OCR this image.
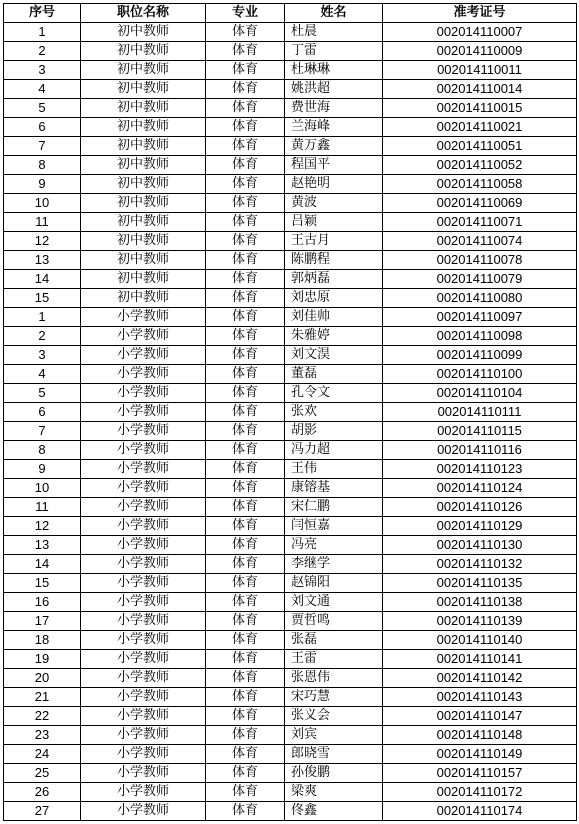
序号	职位名称	专业	姓名	准考证号
1	初中教师	体育	杜晨	002014110007
2	初中教师	体育	丁雷	002014110009
3	初中教师	体育	杜琳琳	002014110011
4	初中教师	体育	姚洪超	002014110014
5	初中教师	体育	费世海	002014110015
6	初中教师	体育	兰海峰	002014110021
7	初中教师	体育	黄万鑫	002014110051
8	初中教师	体育	程国平	002014110052
9	初中教师	体育	赵艳明	002014110058
10	初中教师	体育	黄波	002014110069
11	初中教师	体育	吕颖	002014110071
12	初中教师	体育	王古月	002014110074
13	初中教师	体育	陈鹏程	002014110078
14	初中教师	体育	郭炳磊	002014110079
15	初中教师	体育	刘忠原	002014110080
1	小学教师	体育	刘佳帅	002014110097
2	小学教师	体育	朱雅婷	002014110098
3	小学教师	体育	刘文淏	002014110099
4	小学教师	体育	董磊	002014110100
5	小学教师	体育	孔令文	002014110104
6	小学教师	体育	张欢	002014110111
7	小学教师	体育	胡影	002014110115
8	小学教师	体育	冯力超	002014110116
9	小学教师	体育	王伟	002014110123
10	小学教师	体育	康镕基	002014110124
11	小学教师	体育	宋仁鹏	002014110126
12	小学教师	体育	闫恒嘉	002014110129
13	小学教师	体育	冯亮	002014110130
14	小学教师	体育	李继学	002014110132
15	小学教师	体育	赵锦阳	002014110135
16	小学教师	体育	刘文通	002014110138
17	小学教师	体育	贾哲鸣	002014110139
18	小学教师	体育	张磊	002014110140
19	小学教师	体育	王雷	002014110141
20	小学教师	体育	张恩伟	002014110142
21	小学教师	体育	宋巧慧	002014110143
22	小学教师	体育	张义会	002014110147
23	小学教师	体育	刘宾	002014110148
24	小学教师	体育	郎晓雪	002014110149
25	小学教师	体育	孙俊鹏	002014110157
26	小学教师	体育	梁爽	002014110172
27	小学教师	体育	佟鑫	002014110174
